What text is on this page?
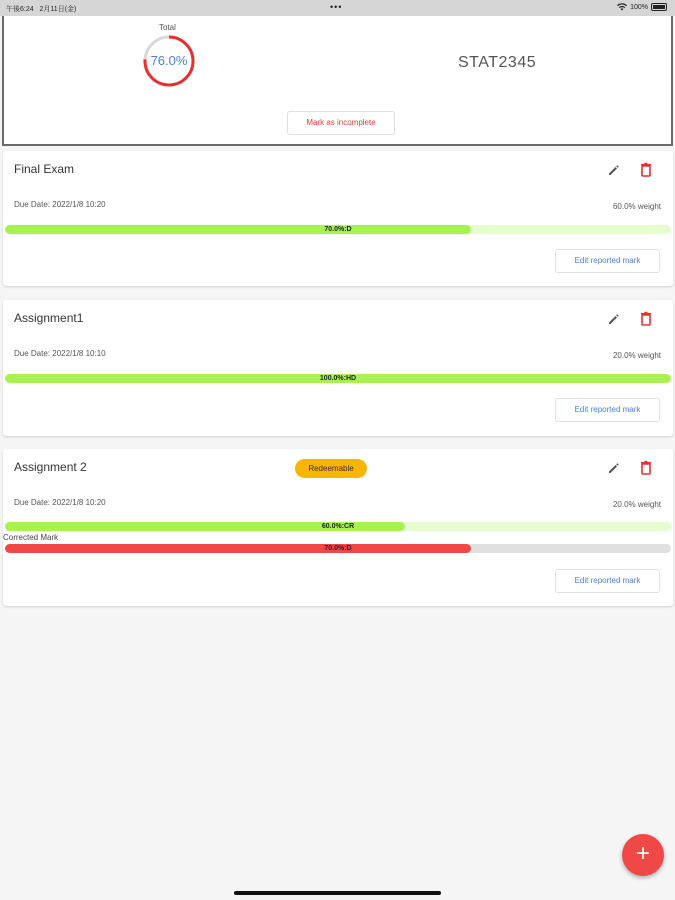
午後6:24 2月11日(金)	•••	100%
Total
76.0%	STAT2345
Mark as incomplete
Final Exam
Due Date: 2022/1/8 10:20	60.0% weight
70.0%:D
Edit reported mark
Assignment1
Due Date: 2022/1/8 10:10	20.0% weight
100.0%:HD
Edit reported mark
Assignment 2	Redeemable
Due Date: 2022/1/8 10:20	20.0% weight
60.0%:CR
Corrected Mark
70.0%:D
Edit reported mark
+
